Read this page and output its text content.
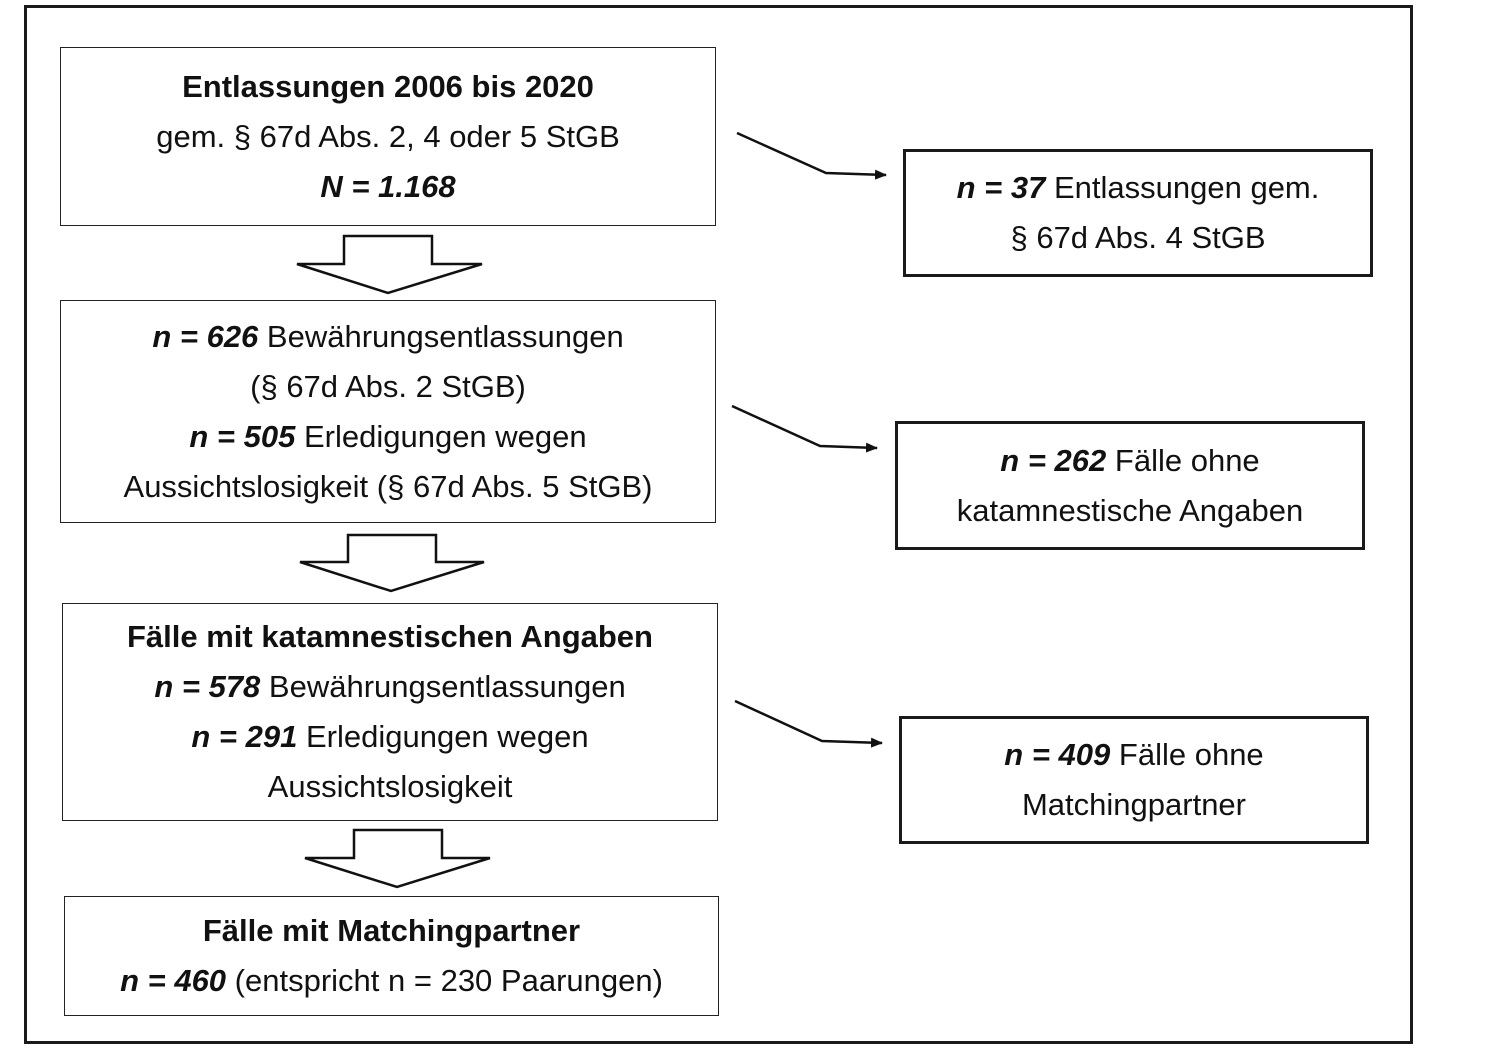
Entlassungen 2006 bis 2020
gem. § 67d Abs. 2, 4 oder 5 StGB
N = 1.168
n = 626 Bewährungsentlassungen
(§ 67d Abs. 2 StGB)
n = 505 Erledigungen wegen
Aussichtslosigkeit (§ 67d Abs. 5 StGB)
Fälle mit katamnestischen Angaben
n = 578 Bewährungsentlassungen
n = 291 Erledigungen wegen
Aussichtslosigkeit
Fälle mit Matchingpartner
n = 460 (entspricht n = 230 Paarungen)
n = 37 Entlassungen gem.
§ 67d Abs. 4 StGB
n = 262 Fälle ohne
katamnestische Angaben
n = 409 Fälle ohne
Matchingpartner
